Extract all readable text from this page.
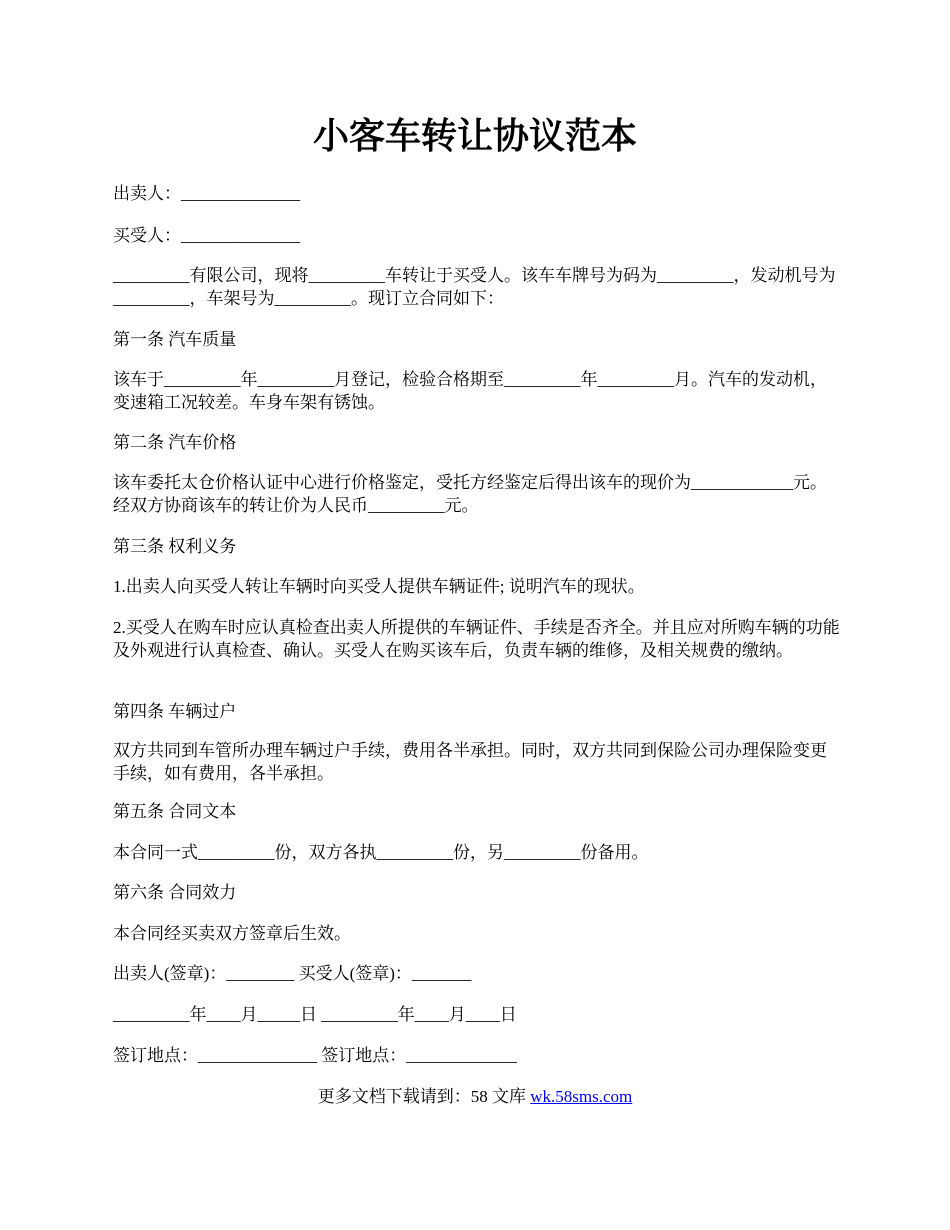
小客车转让协议范本

出卖人：______________

买受人：______________

_________有限公司，现将_________车转让于买受人。该车车牌号为码为_________，发动机号为_________，车架号为_________。现订立合同如下：

第一条 汽车质量

该车于_________年_________月登记，检验合格期至_________年_________月。汽车的发动机，变速箱工况较差。车身车架有锈蚀。

第二条 汽车价格

该车委托太仓价格认证中心进行价格鉴定，受托方经鉴定后得出该车的现价为____________元。经双方协商该车的转让价为人民币_________元。

第三条 权利义务

1.出卖人向买受人转让车辆时向买受人提供车辆证件; 说明汽车的现状。

2.买受人在购车时应认真检查出卖人所提供的车辆证件、手续是否齐全。并且应对所购车辆的功能及外观进行认真检查、确认。买受人在购买该车后，负责车辆的维修，及相关规费的缴纳。

第四条 车辆过户

双方共同到车管所办理车辆过户手续，费用各半承担。同时，双方共同到保险公司办理保险变更手续，如有费用，各半承担。

第五条 合同文本

本合同一式_________份，双方各执_________份，另_________份备用。

第六条 合同效力

本合同经买卖双方签章后生效。

出卖人(签章)：________ 买受人(签章)：_______

_________年____月_____日 _________年____月____日

签订地点：______________ 签订地点：_____________

更多文档下载请到：58 文库 wk.58sms.com
